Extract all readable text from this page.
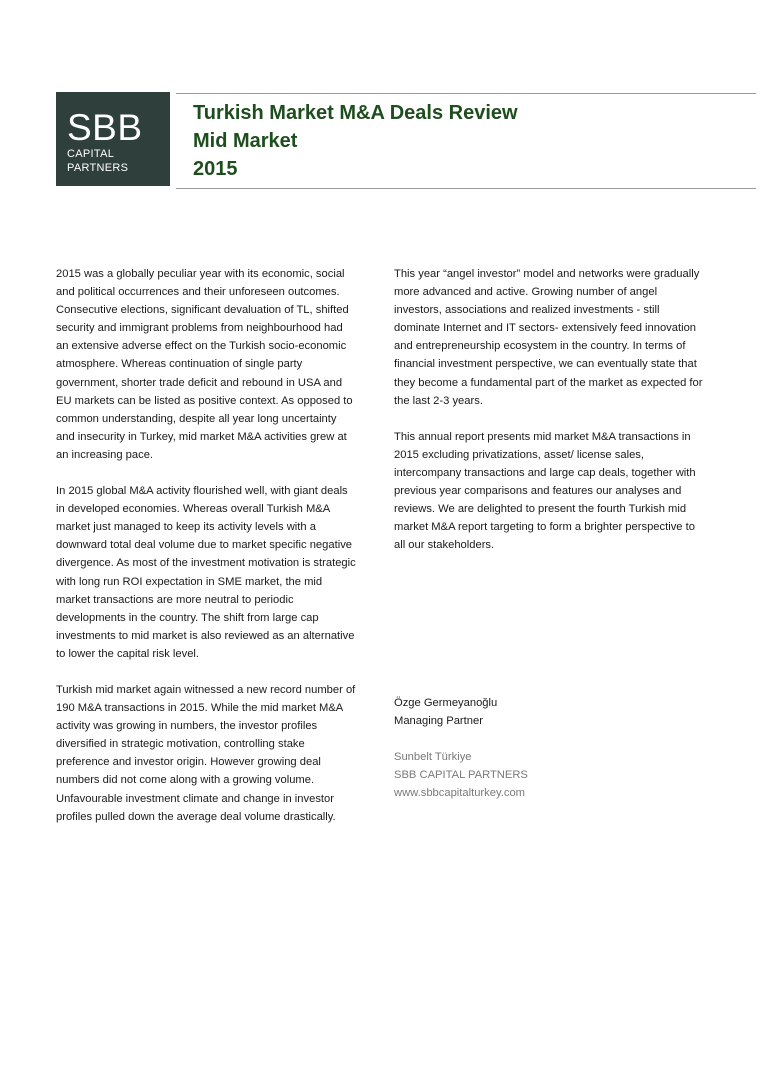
SBB
CAPITAL
PARTNERS
Turkish Market M&A Deals Review
Mid Market
2015

2015 was a globally peculiar year with its economic, social and political occurrences and their unforeseen outcomes. Consecutive elections, significant devaluation of TL, shifted security and immigrant problems from neighbourhood had an extensive adverse effect on the Turkish socio-economic atmosphere. Whereas continuation of single party government, shorter trade deficit and rebound in USA and EU markets can be listed as positive context. As opposed to common understanding, despite all year long uncertainty and insecurity in Turkey, mid market M&A activities grew at an increasing pace.

In 2015 global M&A activity flourished well, with giant deals in developed economies. Whereas overall Turkish M&A market just managed to keep its activity levels with a downward total deal volume due to market specific negative divergence. As most of the investment motivation is strategic with long run ROI expectation in SME market, the mid market transactions are more neutral to periodic developments in the country. The shift from large cap investments to mid market is also reviewed as an alternative to lower the capital risk level.

Turkish mid market again witnessed a new record number of 190 M&A transactions in 2015. While the mid market M&A activity was growing in numbers, the investor profiles diversified in strategic motivation, controlling stake preference and investor origin. However growing deal numbers did not come along with a growing volume. Unfavourable investment climate and change in investor profiles pulled down the average deal volume drastically.

This year “angel investor” model and networks were gradually more advanced and active. Growing number of angel investors, associations and realized investments - still dominate Internet and IT sectors- extensively feed innovation and entrepreneurship ecosystem in the country. In terms of financial investment perspective, we can eventually state that they become a fundamental part of the market as expected for the last 2-3 years.

This annual report presents mid market M&A transactions in 2015 excluding privatizations, asset/ license sales, intercompany transactions and large cap deals, together with previous year comparisons and features our analyses and reviews. We are delighted to present the fourth Turkish mid market M&A report targeting to form a brighter perspective to all our stakeholders.

Özge Germeyanoğlu
Managing Partner
Sunbelt Türkiye
SBB CAPITAL PARTNERS
www.sbbcapitalturkey.com
